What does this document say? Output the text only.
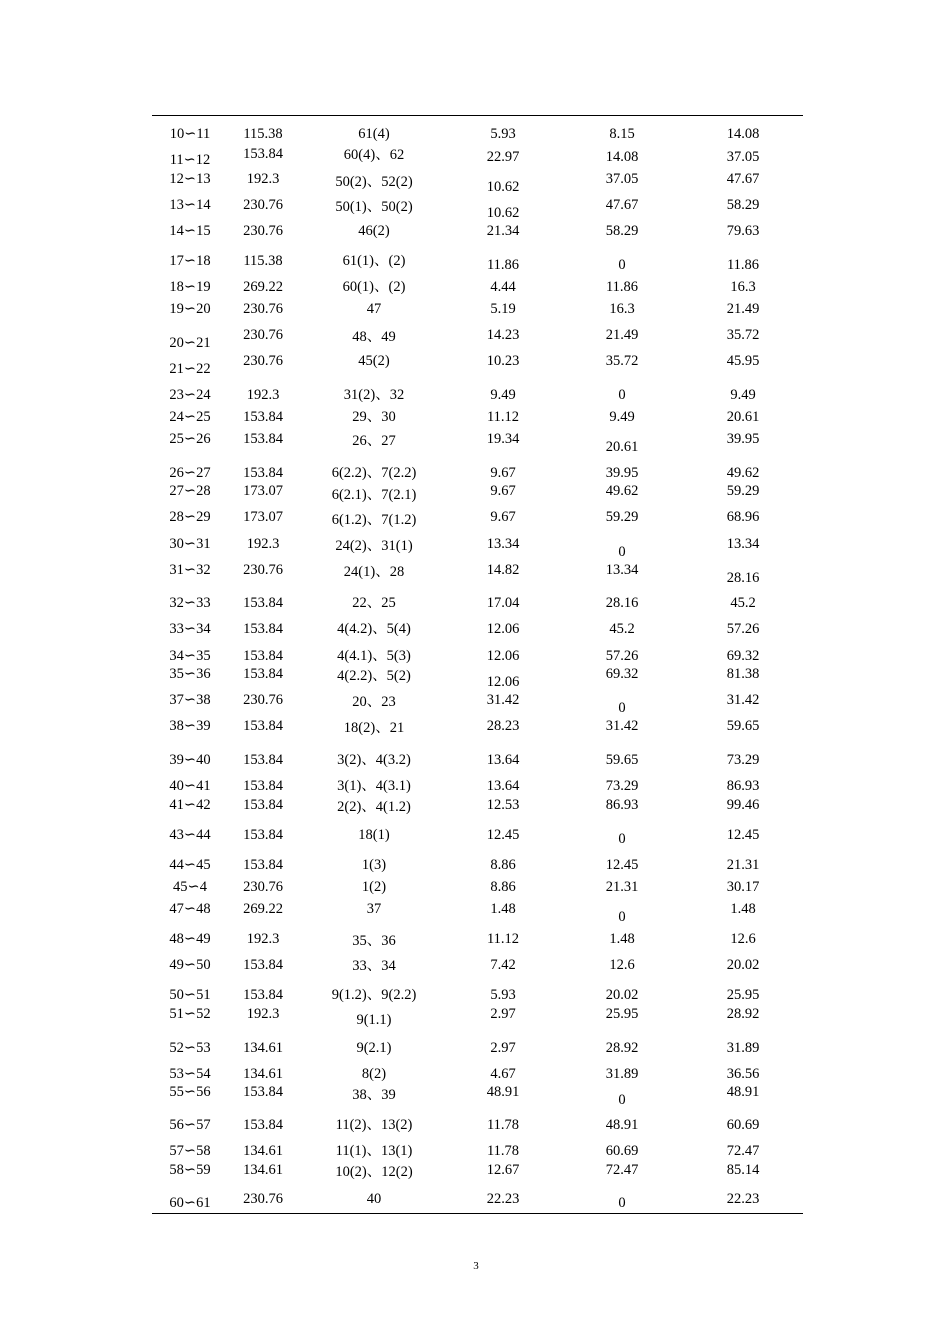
10∽11 115.38	61(4)	5.93	8.15	14.08
11∽12 153.84	60(4)、62	22.97	14.08	37.05
12∽13 192.3	50(2)、52(2)	10.62	37.05	47.67
13∽14 230.76	50(1)、50(2)	10.62	47.67	58.29
14∽15 230.76	46(2)	21.34	58.29	79.63
17∽18 115.38	61(1)、(2)	11.86	0	11.86
18∽19 269.22	60(1)、(2)	4.44	11.86	16.3
19∽20 230.76	47	5.19	16.3	21.49
20∽21 230.76	48、49	14.23	21.49	35.72
21∽22 230.76	45(2)	10.23	35.72	45.95
23∽24 192.3	31(2)、32	9.49	0	9.49
24∽25 153.84	29、30	11.12	9.49	20.61
25∽26 153.84	26、27	19.34	20.61	39.95
26∽27 153.84	6(2.2)、7(2.2)	9.67	39.95	49.62
27∽28 173.07	6(2.1)、7(2.1)	9.67	49.62	59.29
28∽29 173.07	6(1.2)、7(1.2)	9.67	59.29	68.96
30∽31 192.3	24(2)、31(1)	13.34	0	13.34
31∽32 230.76	24(1)、28	14.82	13.34	28.16
32∽33 153.84	22、25	17.04	28.16	45.2
33∽34 153.84	4(4.2)、5(4)	12.06	45.2	57.26
34∽35 153.84	4(4.1)、5(3)	12.06	57.26	69.32
35∽36 153.84	4(2.2)、5(2)	12.06	69.32	81.38
37∽38 230.76	20、23	31.42	0	31.42
38∽39 153.84	18(2)、21	28.23	31.42	59.65
39∽40 153.84	3(2)、4(3.2)	13.64	59.65	73.29
40∽41 153.84	3(1)、4(3.1)	13.64	73.29	86.93
41∽42 153.84	2(2)、4(1.2)	12.53	86.93	99.46
43∽44 153.84	18(1)	12.45	0	12.45
44∽45 153.84	1(3)	8.86	12.45	21.31
45∽4 230.76	1(2)	8.86	21.31	30.17
47∽48 269.22	37	1.48	0	1.48
48∽49 192.3	35、36	11.12	1.48	12.6
49∽50 153.84	33、34	7.42	12.6	20.02
50∽51 153.84	9(1.2)、9(2.2)	5.93	20.02	25.95
51∽52 192.3	9(1.1)	2.97	25.95	28.92
52∽53 134.61	9(2.1)	2.97	28.92	31.89
53∽54 134.61	8(2)	4.67	31.89	36.56
55∽56 153.84	38、39	48.91	0	48.91
56∽57 153.84	11(2)、13(2)	11.78	48.91	60.69
57∽58 134.61	11(1)、13(1)	11.78	60.69	72.47
58∽59 134.61	10(2)、12(2)	12.67	72.47	85.14
60∽61 230.76	40	22.23	0	22.23
3
